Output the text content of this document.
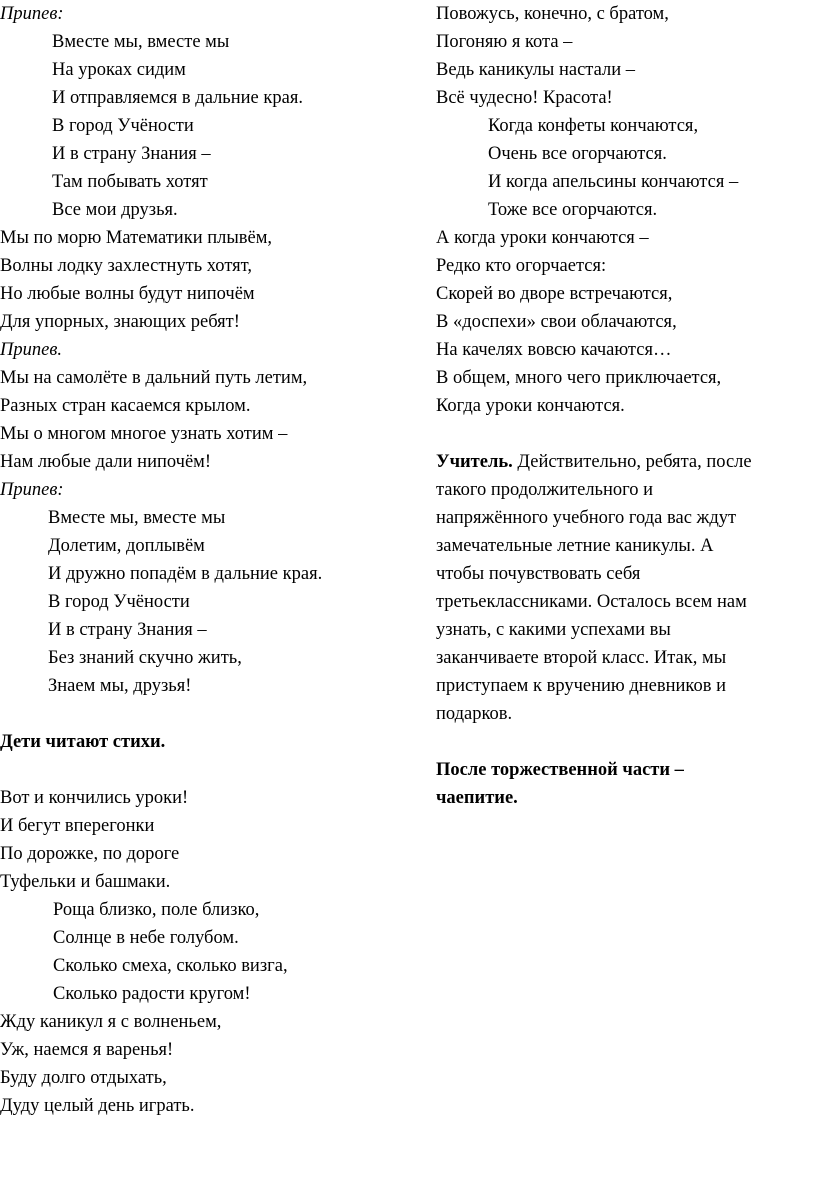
Припев:
Вместе мы, вместе мы
На уроках сидим
И отправляемся в дальние края.
В город Учёности
И в страну Знания –
Там побывать хотят
Все мои друзья.
Мы по морю Математики плывём,
Волны лодку захлестнуть хотят,
Но любые волны будут нипочём
Для упорных, знающих ребят!
Припев.
Мы на самолёте в дальний путь летим,
Разных стран касаемся крылом.
Мы о многом многое узнать хотим –
Нам любые дали нипочём!
Припев:
Вместе мы, вместе мы
Долетим, доплывём
И дружно попадём в дальние края.
В город Учёности
И в страну Знания –
Без знаний скучно жить,
Знаем мы, друзья!
Дети читают стихи.
Вот и кончились уроки!
И бегут вперегонки
По дорожке, по дороге
Туфельки и башмаки.
Роща близко, поле близко,
Солнце в небе голубом.
Сколько смеха, сколько визга,
Сколько радости кругом!
Жду каникул я с волненьем,
Уж, наемся я варенья!
Буду долго отдыхать,
Дуду целый день играть.
Повожусь, конечно, с братом,
Погоняю я кота –
Ведь каникулы настали –
Всё чудесно! Красота!
Когда конфеты кончаются,
Очень все огорчаются.
И когда апельсины кончаются –
Тоже все огорчаются.
А когда уроки кончаются –
Редко кто огорчается:
Скорей во дворе встречаются,
В «доспехи» свои облачаются,
На качелях вовсю качаются…
В общем, много чего приключается,
Когда уроки кончаются.
Учитель. Действительно, ребята, после
такого продолжительного и
напряжённого учебного года вас ждут
замечательные летние каникулы. А
чтобы почувствовать себя
третьеклассниками. Осталось всем нам
узнать, с какими успехами вы
заканчиваете второй класс. Итак, мы
приступаем к вручению дневников и
подарков.
После торжественной части –
чаепитие.
